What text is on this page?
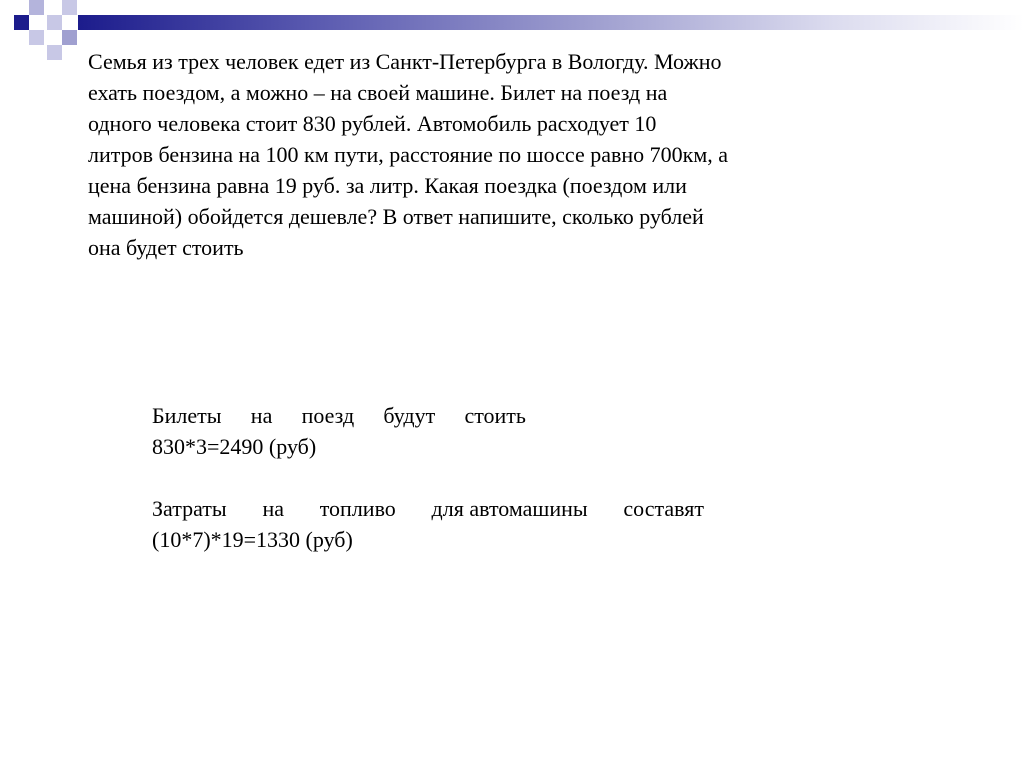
Семья из трех человек едет из Санкт-Петербурга в Вологду. Можно
ехать поездом, а можно – на своей машине. Билет на поезд на
одного человека стоит 830 рублей. Автомобиль расходует 10
литров бензина на 100 км пути, расстояние по шоссе равно 700км, а
цена бензина равна 19 руб. за литр. Какая поездка (поездом или
машиной) обойдется дешевле? В ответ напишите, сколько рублей
она будет стоить

Билеты на поезд будут стоить
830*3=2490 (руб)
Затраты на топливо для автомашины составят
(10*7)*19=1330 (руб)
